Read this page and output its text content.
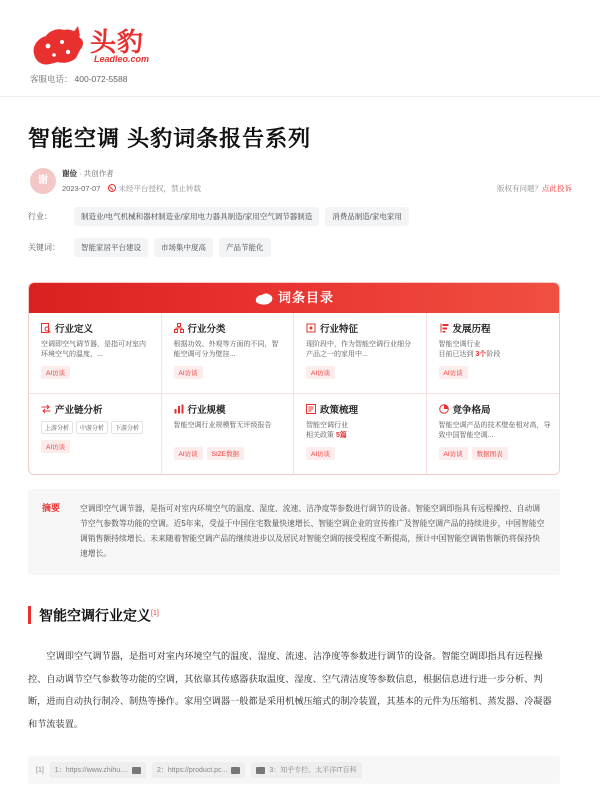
头豹
Leadleo.com
客服电话： 400-072-5588
智能空调 头豹词条报告系列
谢
谢俭 · 共创作者
2023-07-07 未经平台授权，禁止转载	版权有问题？点此投诉
行业：	制造业/电气机械和器材制造业/家用电力器具制造/家用空气调节器制造	消费品制造/家电家用
关键词：	智能家居平台建设	市场集中度高	产品节能化
词条目录
行业定义
空调即空气调节器，是指可对室内环境空气的温度、...
AI访谈
行业分类
根据功效、外观等方面的不同，智能空调可分为壁挂...
AI访谈
行业特征
现阶段中，作为智能空调行业细分产品之一的家用中...
AI访谈
发展历程
智能空调行业
目前已达到 3个阶段
AI访谈
产业链分析
上游分析	中游分析	下游分析
AI访谈
行业规模
智能空调行业规模暂无评级报告
AI访谈	SIZE数据
政策梳理
智能空调行业
相关政策 5篇
AI访谈
竞争格局
智能空调产品的技术壁垒相对高，导致中国智能空调...
AI访谈	数据图表
摘要	空调即空气调节器，是指可对室内环境空气的温度、湿度、流速、洁净度等参数进行调节的设备。智能空调即指具有远程操控、自动调节空气参数等功能的空调。近5年来，受益于中国住宅数量快速增长、智能空调企业的宣传推广及智能空调产品的持续进步，中国智能空调销售额持续增长。未来随着智能空调产品的继续进步以及居民对智能空调的接受程度不断提高，预计中国智能空调销售额仍将保持快速增长。

智能空调行业定义[1]

空调即空气调节器，是指可对室内环境空气的温度、湿度、流速、洁净度等参数进行调节的设备。智能空调即指具有远程操控、自动调节空气参数等功能的空调，其依靠其传感器获取温度、湿度、空气清洁度等参数信息，根据信息进行进一步分析、判断，进而自动执行制冷、制热等操作。家用空调器一般都是采用机械压缩式的制冷装置，其基本的元件为压缩机、蒸发器、冷凝器和节流装置。

[1] 1：https://www.zhihu....	2：https://product.pc...	3：知乎专栏、太平洋IT百科
